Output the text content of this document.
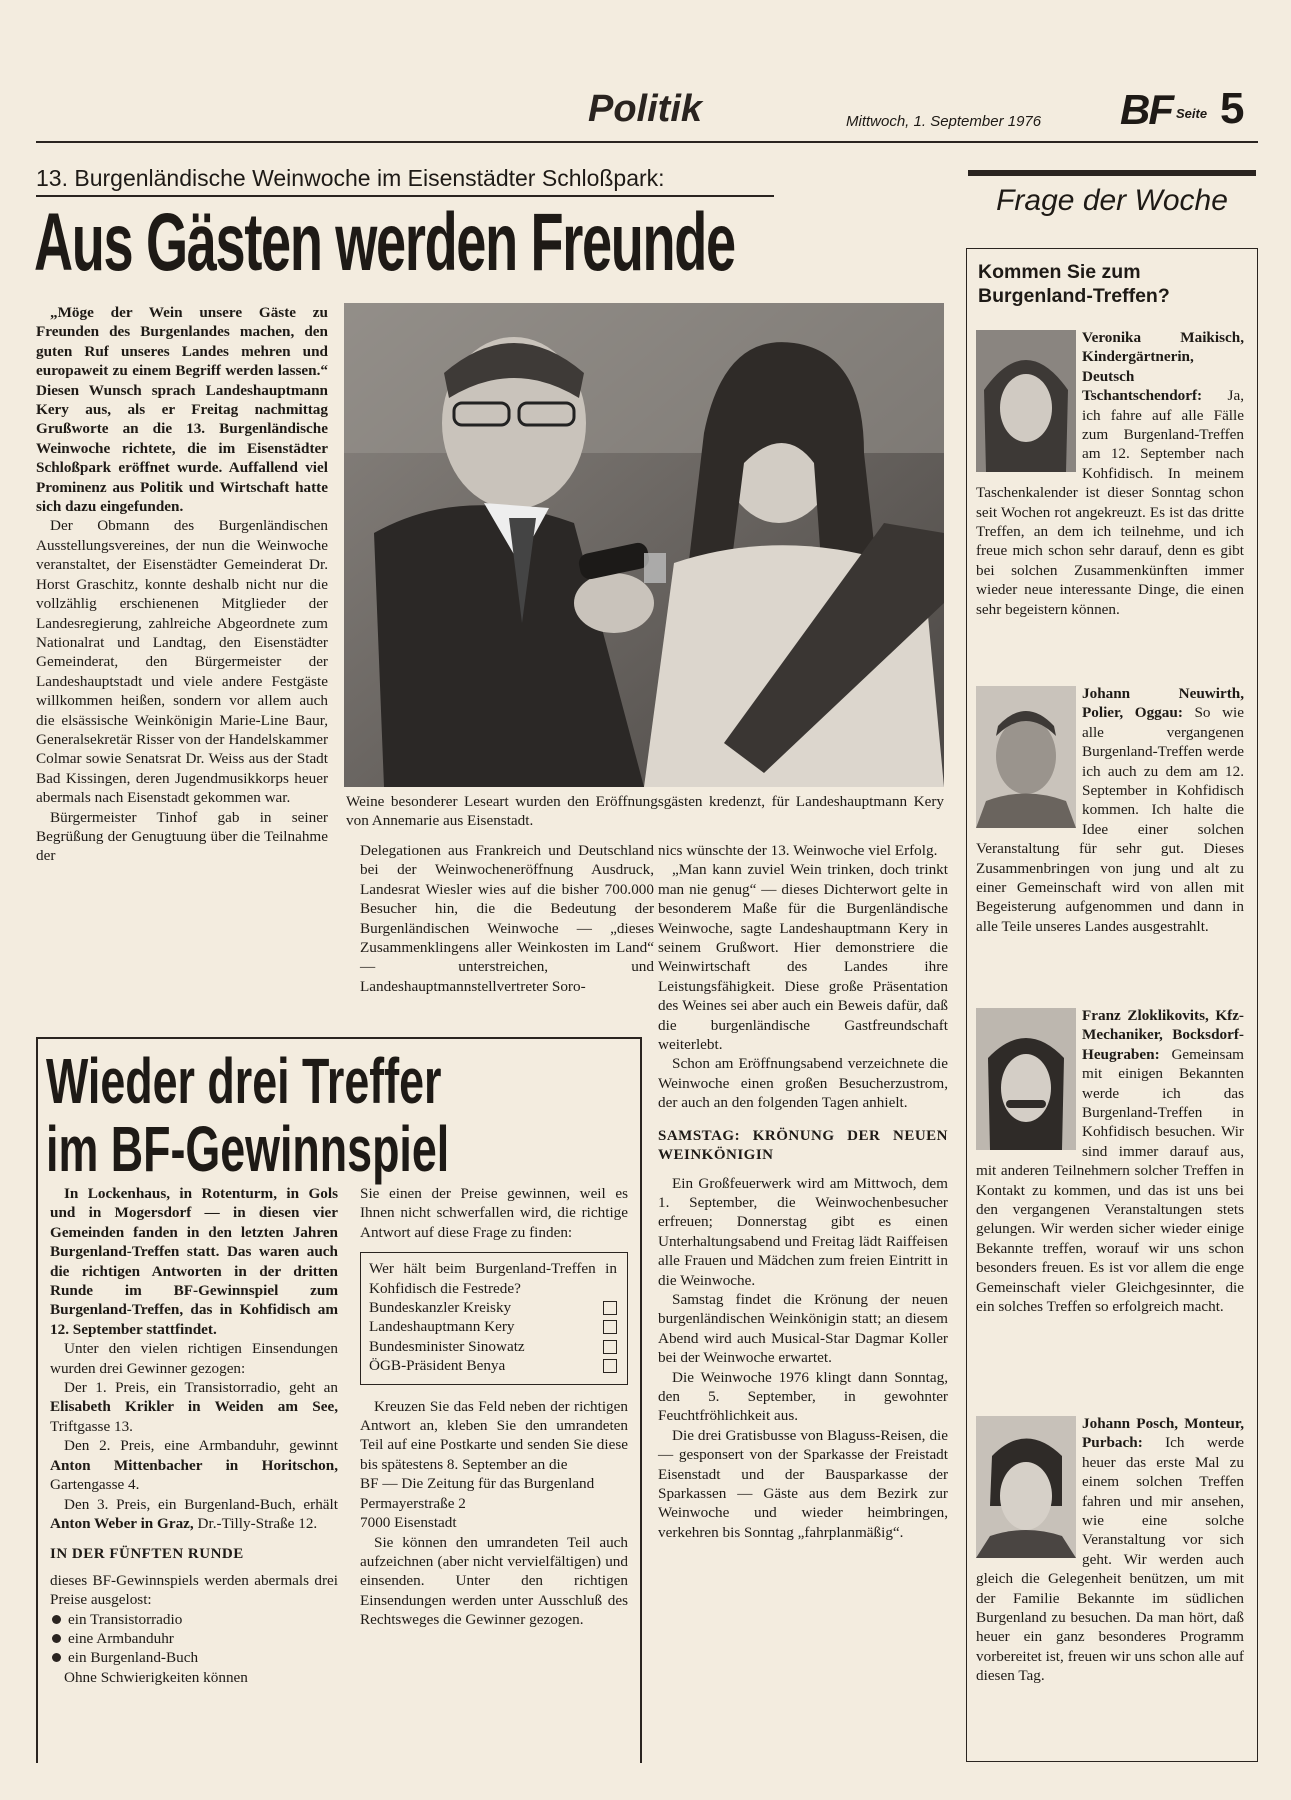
Politik	Mittwoch, 1. September 1976 BF Seite 5
13. Burgenländische Weinwoche im Eisenstädter Schloßpark:
Aus Gästen werden Freunde

„Möge der Wein unsere Gäste zu Freunden des Burgenlandes machen, den guten Ruf unseres Landes mehren und europaweit zu einem Begriff werden lassen.“ Diesen Wunsch sprach Landeshauptmann Kery aus, als er Freitag nachmittag Grußworte an die 13. Burgenländische Weinwoche richtete, die im Eisenstädter Schloßpark eröffnet wurde. Auffallend viel Prominenz aus Politik und Wirtschaft hatte sich dazu eingefunden.

Der Obmann des Burgenländischen Ausstellungsvereines, der nun die Weinwoche veranstaltet, der Eisenstädter Gemeinderat Dr. Horst Graschitz, konnte deshalb nicht nur die vollzählig erschienenen Mitglieder der Landesregierung, zahlreiche Abgeordnete zum Nationalrat und Landtag, den Eisenstädter Gemeinderat, den Bürgermeister der Landeshauptstadt und viele andere Festgäste willkommen heißen, sondern vor allem auch die elsässische Weinkönigin Marie-Line Baur, Generalsekretär Risser von der Handelskammer Colmar sowie Senatsrat Dr. Weiss aus der Stadt Bad Kissingen, deren Jugendmusikkorps heuer abermals nach Eisenstadt gekommen war.

Bürgermeister Tinhof gab in seiner Begrüßung der Genugtuung über die Teilnahme der

Weine besonderer Leseart wurden den Eröffnungsgästen kredenzt, für Landeshauptmann Kery von Annemarie aus Eisenstadt.

Delegationen aus Frankreich und Deutschland bei der Weinwocheneröffnung Ausdruck, Landesrat Wiesler wies auf die bisher 700.000 Besucher hin, die die Bedeutung der Burgenländischen Weinwoche — „dieses Zusammenklingens aller Weinkosten im Land“ — unterstreichen, und Landeshauptmannstellvertreter Soro-

nics wünschte der 13. Weinwoche viel Erfolg.

„Man kann zuviel Wein trinken, doch trinkt man nie genug“ — dieses Dichterwort gelte in besonderem Maße für die Burgenländische Weinwoche, sagte Landeshauptmann Kery in seinem Grußwort. Hier demonstriere die Weinwirtschaft des Landes ihre Leistungsfähigkeit. Diese große Präsentation des Weines sei aber auch ein Beweis dafür, daß die burgenländische Gastfreundschaft weiterlebt.

Schon am Eröffnungsabend verzeichnete die Weinwoche einen großen Besucherzustrom, der auch an den folgenden Tagen anhielt.

SAMSTAG: KRÖNUNG DER NEUEN WEINKÖNIGIN

Ein Großfeuerwerk wird am Mittwoch, dem 1. September, die Weinwochenbesucher erfreuen; Donnerstag gibt es einen Unterhaltungsabend und Freitag lädt Raiffeisen alle Frauen und Mädchen zum freien Eintritt in die Weinwoche.

Samstag findet die Krönung der neuen burgenländischen Weinkönigin statt; an diesem Abend wird auch Musical-Star Dagmar Koller bei der Weinwoche erwartet.

Die Weinwoche 1976 klingt dann Sonntag, den 5. September, in gewohnter Feuchtfröhlichkeit aus.

Die drei Gratisbusse von Blaguss-Reisen, die — gesponsert von der Sparkasse der Freistadt Eisenstadt und der Bausparkasse der Sparkassen — Gäste aus dem Bezirk zur Weinwoche und wieder heimbringen, verkehren bis Sonntag „fahrplanmäßig“.

Wieder drei Treffer
im BF-Gewinnspiel

In Lockenhaus, in Rotenturm, in Gols und in Mogersdorf — in diesen vier Gemeinden fanden in den letzten Jahren Burgenland-Treffen statt. Das waren auch die richtigen Antworten in der dritten Runde im BF-Gewinnspiel zum Burgenland-Treffen, das in Kohfidisch am 12. September stattfindet.

Unter den vielen richtigen Einsendungen wurden drei Gewinner gezogen:

Der 1. Preis, ein Transistorradio, geht an Elisabeth Krikler in Weiden am See, Triftgasse 13.

Den 2. Preis, eine Armbanduhr, gewinnt Anton Mittenbacher in Horitschon, Gartengasse 4.

Den 3. Preis, ein Burgenland-Buch, erhält Anton Weber in Graz, Dr.-Tilly-Straße 12.

IN DER FÜNFTEN RUNDE

dieses BF-Gewinnspiels werden abermals drei Preise ausgelost:

ein Transistorradio
eine Armbanduhr
ein Burgenland-Buch

Ohne Schwierigkeiten können

Sie einen der Preise gewinnen, weil es Ihnen nicht schwerfallen wird, die richtige Antwort auf diese Frage zu finden:

Wer hält beim Burgenland-Treffen in Kohfidisch die Festrede?
Bundeskanzler Kreisky
Landeshauptmann Kery
Bundesminister Sinowatz
ÖGB-Präsident Benya

Kreuzen Sie das Feld neben der richtigen Antwort an, kleben Sie den umrandeten Teil auf eine Postkarte und senden Sie diese bis spätestens 8. September an die

BF — Die Zeitung für das Burgenland
Permayerstraße 2
7000 Eisenstadt

Sie können den umrandeten Teil auch aufzeichnen (aber nicht vervielfältigen) und einsenden. Unter den richtigen Einsendungen werden unter Ausschluß des Rechtsweges die Gewinner gezogen.

Frage der Woche
Kommen Sie zum Burgenland-Treffen?

Veronika Maikisch, Kindergärtnerin, Deutsch Tschantschendorf: Ja, ich fahre auf alle Fälle zum Burgenland-Treffen am 12. September nach Kohfidisch. In meinem Taschenkalender ist dieser Sonntag schon seit Wochen rot angekreuzt. Es ist das dritte Treffen, an dem ich teilnehme, und ich freue mich schon sehr darauf, denn es gibt bei solchen Zusammenkünften immer wieder neue interessante Dinge, die einen sehr begeistern können.

Johann Neuwirth, Polier, Oggau: So wie alle vergangenen Burgenland-Treffen werde ich auch zu dem am 12. September in Kohfidisch kommen. Ich halte die Idee einer solchen Veranstaltung für sehr gut. Dieses Zusammenbringen von jung und alt zu einer Gemeinschaft wird von allen mit Begeisterung aufgenommen und dann in alle Teile unseres Landes ausgestrahlt.

Franz Zloklikovits, Kfz-Mechaniker, Bocksdorf-Heugraben: Gemeinsam mit einigen Bekannten werde ich das Burgenland-Treffen in Kohfidisch besuchen. Wir sind immer darauf aus, mit anderen Teilnehmern solcher Treffen in Kontakt zu kommen, und das ist uns bei den vergangenen Veranstaltungen stets gelungen. Wir werden sicher wieder einige Bekannte treffen, worauf wir uns schon besonders freuen. Es ist vor allem die enge Gemeinschaft vieler Gleichgesinnter, die ein solches Treffen so erfolgreich macht.

Johann Posch, Monteur, Purbach: Ich werde heuer das erste Mal zu einem solchen Treffen fahren und mir ansehen, wie eine solche Veranstaltung vor sich geht. Wir werden auch gleich die Gelegenheit benützen, um mit der Familie Bekannte im südlichen Burgenland zu besuchen. Da man hört, daß heuer ein ganz besonderes Programm vorbereitet ist, freuen wir uns schon alle auf diesen Tag.
